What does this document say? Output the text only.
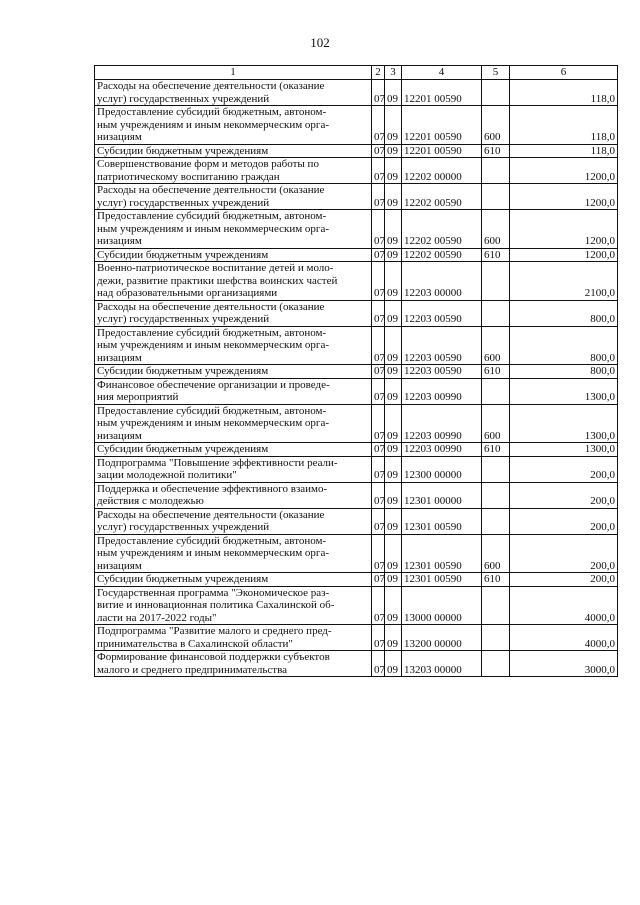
102
1	2	3	4	5	6

Расходы на обеспечение деятельности (оказание
услуг) государственных учреждений	07	09	12201 00590		118,0

Предоставление субсидий бюджетным, автоном-
ным учреждениям и иным некоммерческим орга-
низациям	07	09	12201 00590	600	118,0

Субсидии бюджетным учреждениям	07	09	12201 00590	610	118,0

Совершенствование форм и методов работы по
патриотическому воспитанию граждан	07	09	12202 00000		1200,0

Расходы на обеспечение деятельности (оказание
услуг) государственных учреждений	07	09	12202 00590		1200,0

Предоставление субсидий бюджетным, автоном-
ным учреждениям и иным некоммерческим орга-
низациям	07	09	12202 00590	600	1200,0

Субсидии бюджетным учреждениям	07	09	12202 00590	610	1200,0

Военно-патриотическое воспитание детей и моло-
дежи, развитие практики шефства воинских частей
над образовательными организациями	07	09	12203 00000		2100,0

Расходы на обеспечение деятельности (оказание
услуг) государственных учреждений	07	09	12203 00590		800,0

Предоставление субсидий бюджетным, автоном-
ным учреждениям и иным некоммерческим орга-
низациям	07	09	12203 00590	600	800,0

Субсидии бюджетным учреждениям	07	09	12203 00590	610	800,0

Финансовое обеспечение организации и проведе-
ния мероприятий	07	09	12203 00990		1300,0

Предоставление субсидий бюджетным, автоном-
ным учреждениям и иным некоммерческим орга-
низациям	07	09	12203 00990	600	1300,0

Субсидии бюджетным учреждениям	07	09	12203 00990	610	1300,0

Подпрограмма "Повышение эффективности реали-
зации молодежной политики"	07	09	12300 00000		200,0

Поддержка и обеспечение эффективного взаимо-
действия с молодежью	07	09	12301 00000		200,0

Расходы на обеспечение деятельности (оказание
услуг) государственных учреждений	07	09	12301 00590		200,0

Предоставление субсидий бюджетным, автоном-
ным учреждениям и иным некоммерческим орга-
низациям	07	09	12301 00590	600	200,0

Субсидии бюджетным учреждениям	07	09	12301 00590	610	200,0

Государственная программа "Экономическое раз-
витие и инновационная политика Сахалинской об-
ласти на 2017-2022 годы"	07	09	13000 00000		4000,0

Подпрограмма "Развитие малого и среднего пред-
принимательства в Сахалинской области"	07	09	13200 00000		4000,0

Формирование финансовой поддержки субъектов
малого и среднего предпринимательства	07	09	13203 00000		3000,0
